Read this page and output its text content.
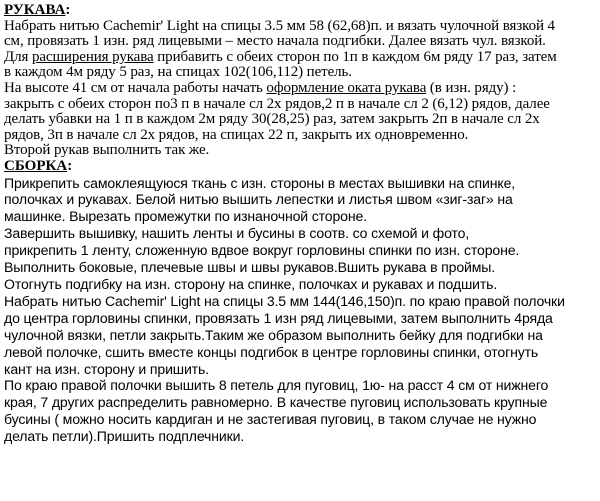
РУКАВА:
Набрать нитью Cachemir' Light на спицы 3.5 мм 58 (62,68)п. и вязать чулочной вязкой 4
см, провязать 1 изн. ряд лицевыми – место начала подгибки. Далее вязать чул. вязкой.
Для расширения рукава прибавить с обеих сторон по 1п в каждом 6м ряду 17 раз, затем
в каждом 4м ряду 5 раз, на спицах 102(106,112) петель.
На высоте 41 см от начала работы начать оформление оката рукава (в изн. ряду) :
закрыть с обеих сторон по3 п в начале сл 2х рядов,2 п в начале сл 2 (6,12) рядов, далее
делать убавки на 1 п в каждом 2м ряду 30(28,25) раз, затем закрыть 2п в начале сл 2х
рядов, 3п в начале сл 2х рядов, на спицах 22 п, закрыть их одновременно.
Второй рукав выполнить так же.
СБОРКА:
Прикрепить самоклеящуюся ткань с изн. стороны в местах вышивки на спинке,
полочках и рукавах. Белой нитью вышить лепестки и листья швом «зиг-заг» на
машинке. Вырезать промежутки по изнаночной стороне.
Завершить вышивку, нашить ленты и бусины в соотв. со схемой и фото,
прикрепить 1 ленту, сложенную вдвое вокруг горловины спинки по изн. стороне.
Выполнить боковые, плечевые швы и швы рукавов.Вшить рукава в проймы.
Отогнуть подгибку на изн. сторону на спинке, полочках и рукавах и подшить.
Набрать нитью Cachemir' Light на спицы 3.5 мм 144(146,150)п. по краю правой полочки
до центра горловины спинки, провязать 1 изн ряд лицевыми, затем выполнить 4ряда
чулочной вязки, петли закрыть.Таким же образом выполнить бейку для подгибки на
левой полочке, сшить вместе концы подгибок в центре горловины спинки, отогнуть
кант на изн. сторону и пришить.
По краю правой полочки вышить 8 петель для пуговиц, 1ю- на расст 4 см от нижнего
края, 7 других распределить равномерно. В качестве пуговиц использовать крупные
бусины ( можно носить кардиган и не застегивая пуговиц, в таком случае не нужно
делать петли).Пришить подплечники.
